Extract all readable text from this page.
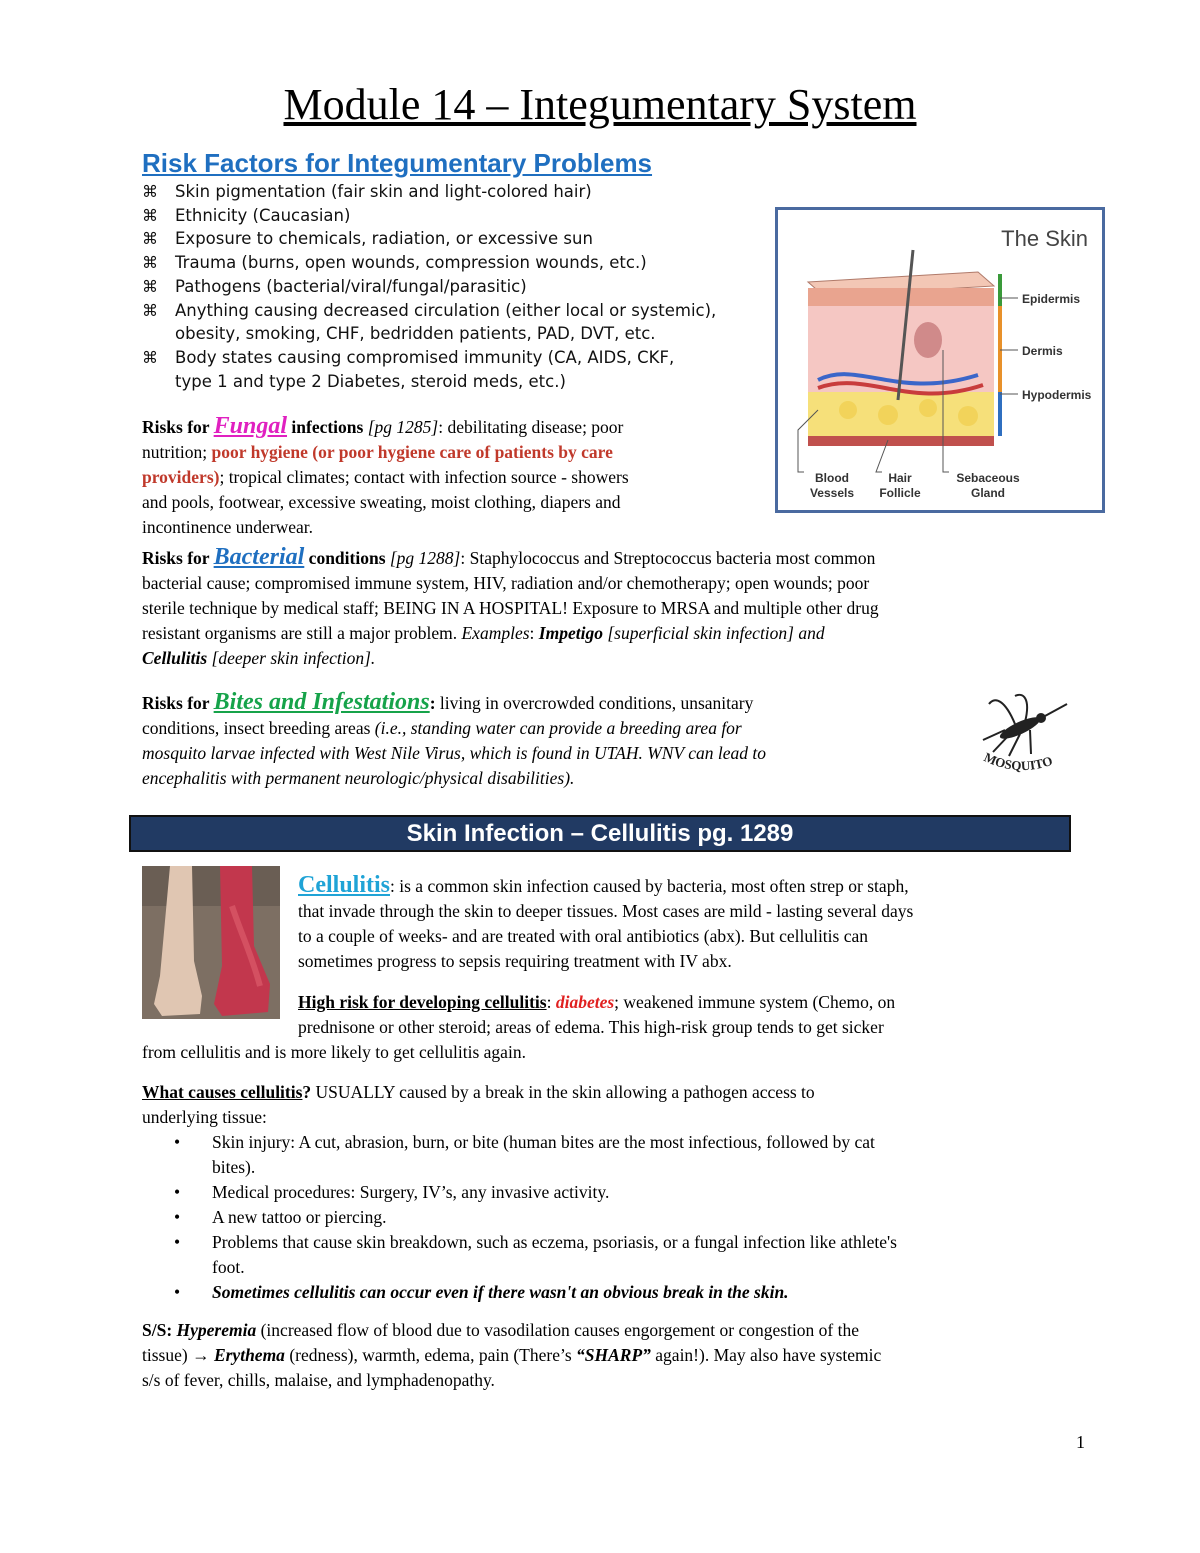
Module 14 – Integumentary System
Risk Factors for Integumentary Problems
⌘ Skin pigmentation (fair skin and light-colored hair)
⌘ Ethnicity (Caucasian)
⌘ Exposure to chemicals, radiation, or excessive sun
⌘ Trauma (burns, open wounds, compression wounds, etc.)
⌘ Pathogens (bacterial/viral/fungal/parasitic)
⌘ Anything causing decreased circulation (either local or systemic),
obesity, smoking, CHF, bedridden patients, PAD, DVT, etc.
⌘ Body states causing compromised immunity (CA, AIDS, CKF,
type 1 and type 2 Diabetes, steroid meds, etc.)
The Skin
Epidermis
Dermis
Hypodermis
Blood
Vessels
Hair
Follicle
Sebaceous
Gland
Risks for Fungal infections [pg 1285]: debilitating disease; poor
nutrition; poor hygiene (or poor hygiene care of patients by care
providers); tropical climates; contact with infection source - showers
and pools, footwear, excessive sweating, moist clothing, diapers and
incontinence underwear.
Risks for Bacterial conditions [pg 1288]: Staphylococcus and Streptococcus bacteria most common
bacterial cause; compromised immune system, HIV, radiation and/or chemotherapy; open wounds; poor
sterile technique by medical staff; BEING IN A HOSPITAL! Exposure to MRSA and multiple other drug
resistant organisms are still a major problem. Examples: Impetigo [superficial skin infection] and
Cellulitis [deeper skin infection].
Risks for Bites and Infestations: living in overcrowded conditions, unsanitary
conditions, insect breeding areas (i.e., standing water can provide a breeding area for
mosquito larvae infected with West Nile Virus, which is found in UTAH. WNV can lead to
encephalitis with permanent neurologic/physical disabilities).
MOSQUITO
Skin Infection – Cellulitis pg. 1289
Cellulitis: is a common skin infection caused by bacteria, most often strep or staph,
that invade through the skin to deeper tissues. Most cases are mild - lasting several days
to a couple of weeks- and are treated with oral antibiotics (abx). But cellulitis can
sometimes progress to sepsis requiring treatment with IV abx.
High risk for developing cellulitis: diabetes; weakened immune system (Chemo, on
prednisone or other steroid; areas of edema. This high-risk group tends to get sicker
from cellulitis and is more likely to get cellulitis again.
What causes cellulitis? USUALLY caused by a break in the skin allowing a pathogen access to
underlying tissue:
• Skin injury: A cut, abrasion, burn, or bite (human bites are the most infectious, followed by cat
bites).
• Medical procedures: Surgery, IV’s, any invasive activity.
• A new tattoo or piercing.
• Problems that cause skin breakdown, such as eczema, psoriasis, or a fungal infection like athlete's
foot.
• Sometimes cellulitis can occur even if there wasn't an obvious break in the skin.
S/S: Hyperemia (increased flow of blood due to vasodilation causes engorgement or congestion of the
tissue) → Erythema (redness), warmth, edema, pain (There’s “SHARP” again!). May also have systemic
s/s of fever, chills, malaise, and lymphadenopathy.
1
